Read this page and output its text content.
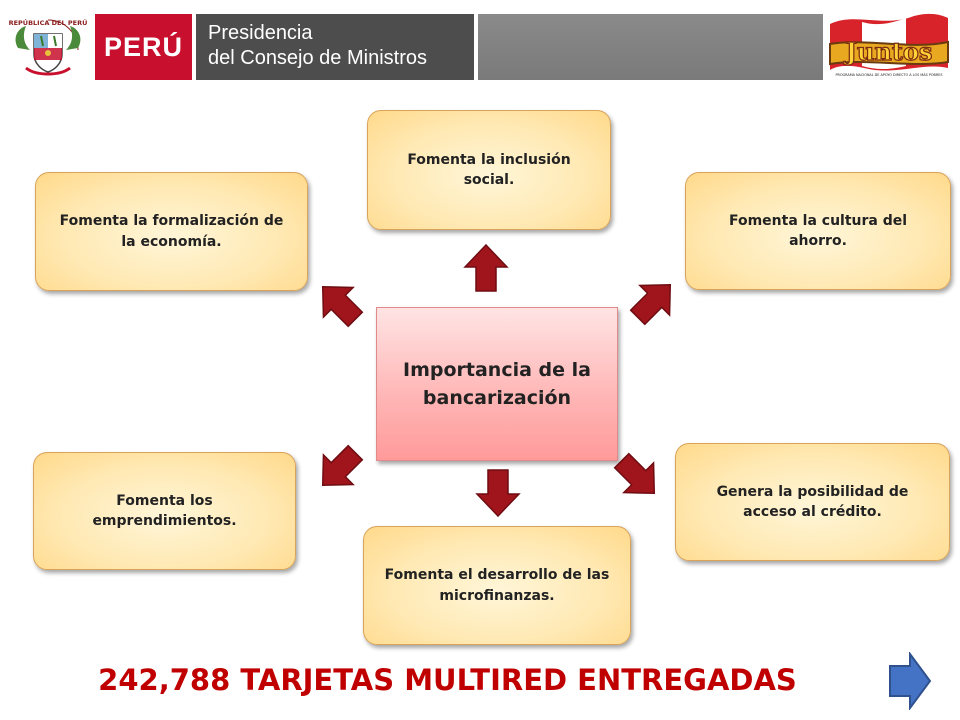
REPÚBLICA DEL PERÚ
PERÚ	Presidencia
del Consejo de Ministros	Juntos
PROGRAMA NACIONAL DE APOYO DIRECTO A LOS MÁS POBRES
Fomenta la inclusión social.
Fomenta la formalización de la economía.
Fomenta la cultura del ahorro.
Fomenta los emprendimientos.
Fomenta el desarrollo de las microfinanzas.
Genera la posibilidad de acceso al crédito.
Importancia de la bancarización
242,788 TARJETAS MULTIRED ENTREGADAS
